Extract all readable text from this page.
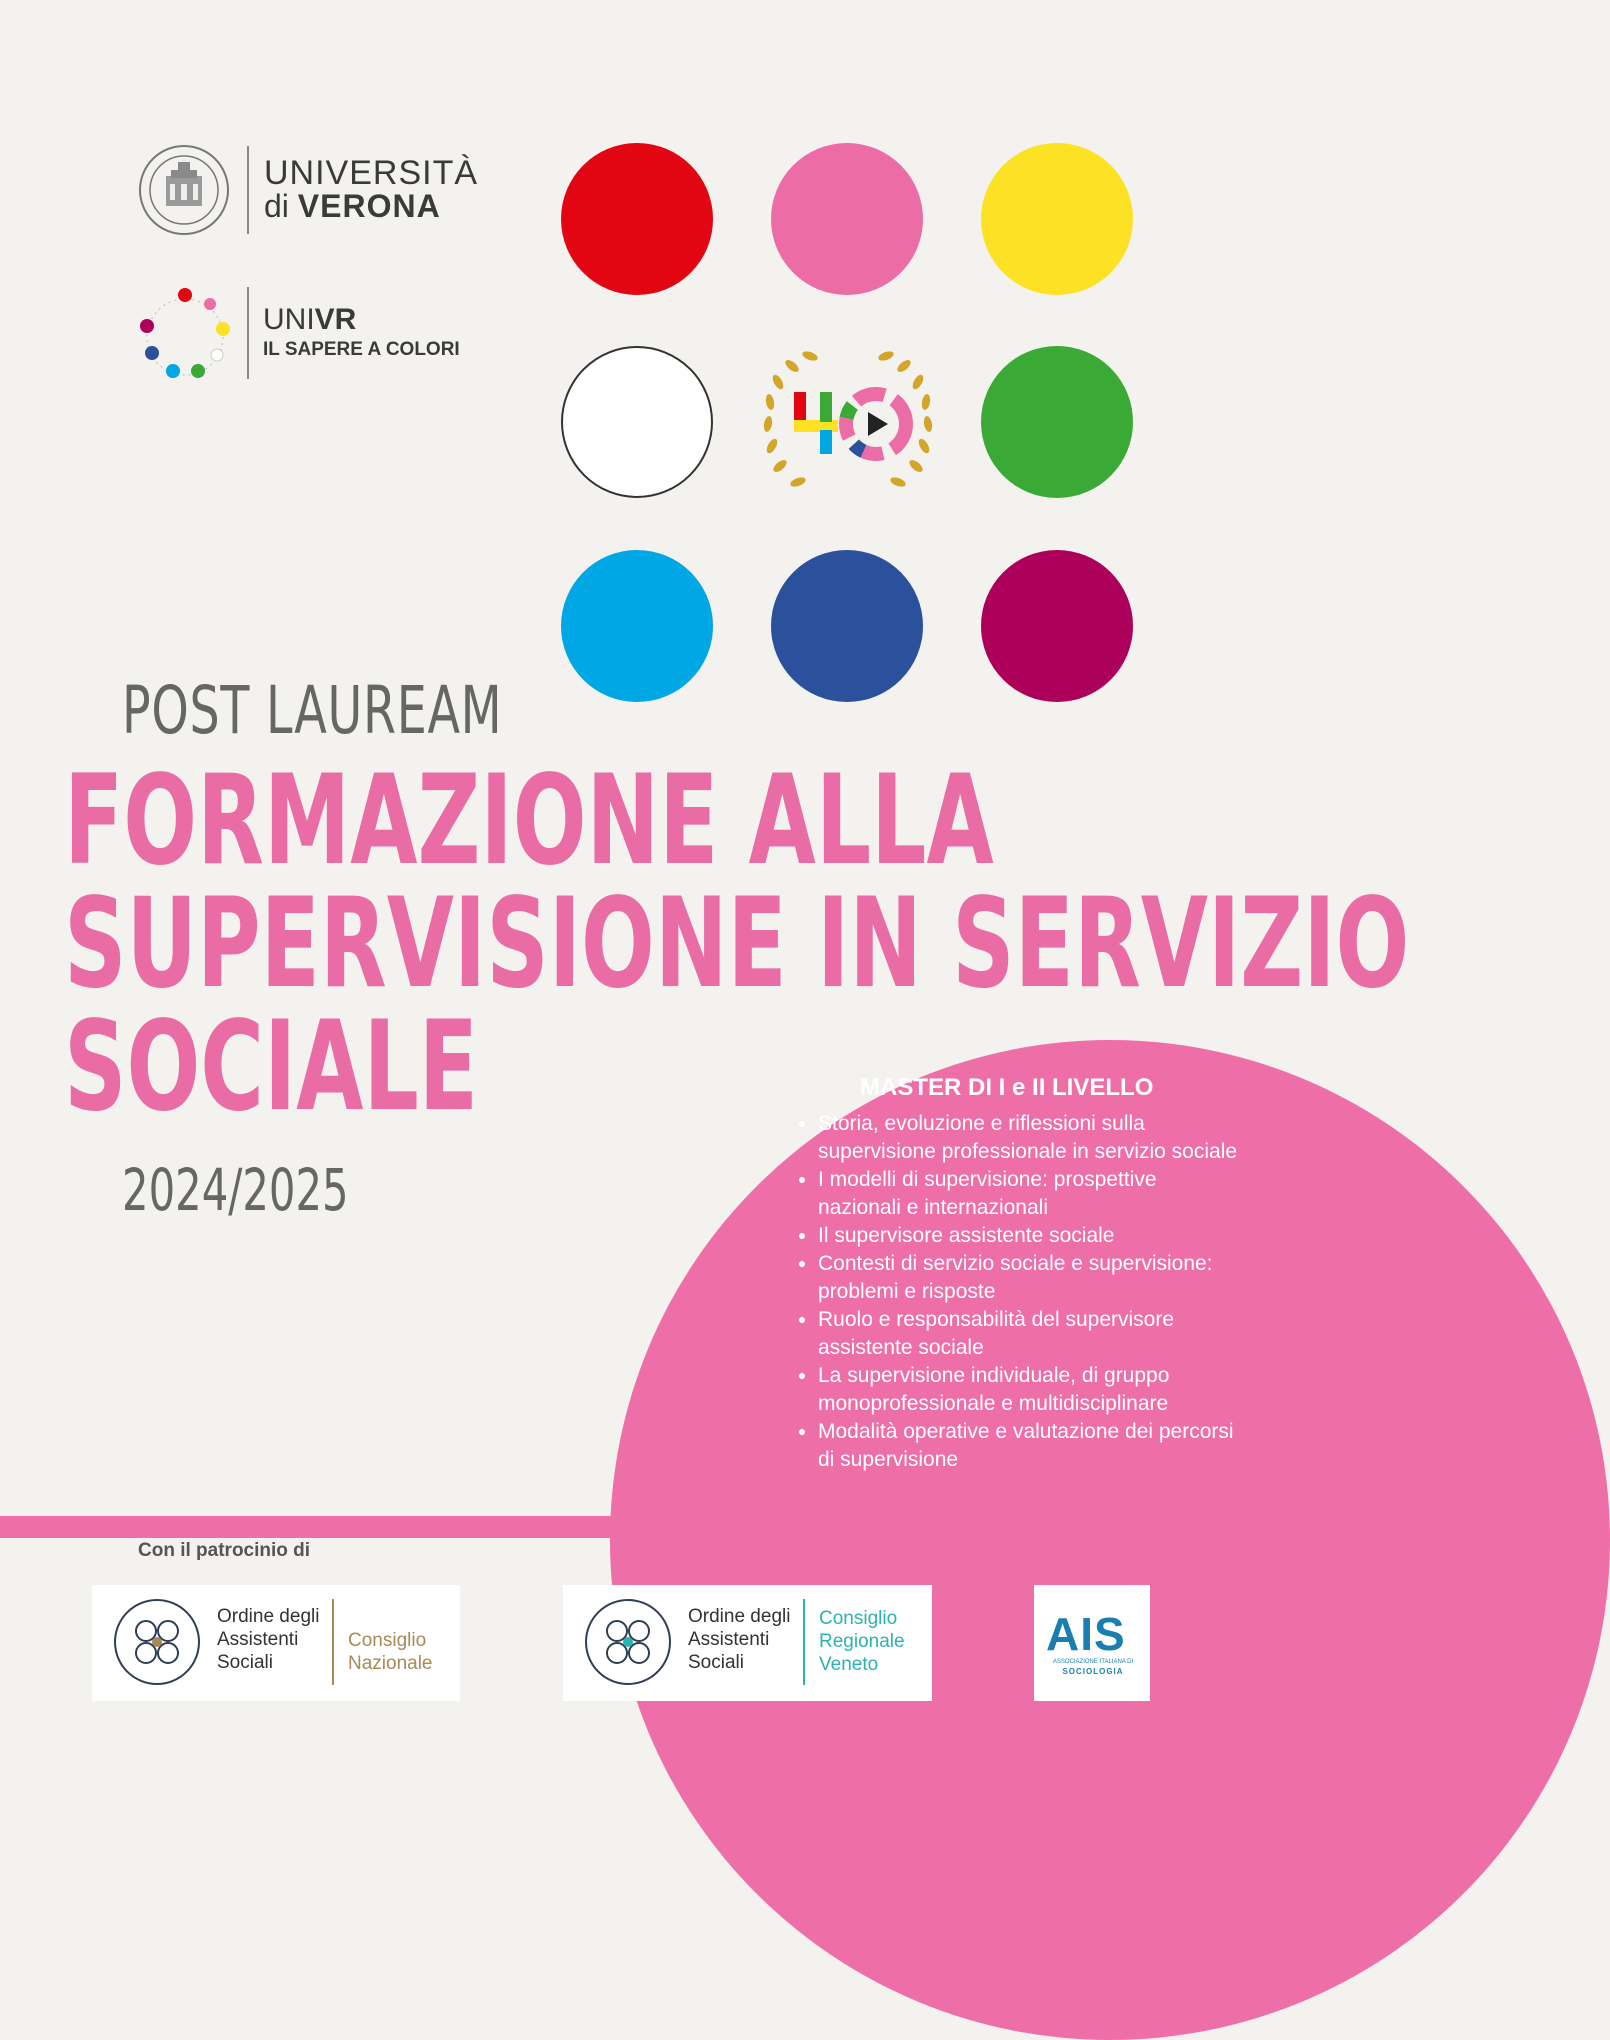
UNIVERSITÀ
di VERONA
UNIVR
IL SAPERE A COLORI
POST LAUREAM
FORMAZIONE ALLA
SUPERVISIONE IN SERVIZIO
SOCIALE
2024/2025
MASTER DI I e II LIVELLO
• Storia, evoluzione e riflessioni sulla supervisione professionale in servizio sociale
• I modelli di supervisione: prospettive nazionali e internazionali
• Il supervisore assistente sociale
• Contesti di servizio sociale e supervisione: problemi e risposte
• Ruolo e responsabilità del supervisore assistente sociale
• La supervisione individuale, di gruppo monoprofessionale e multidisciplinare
• Modalità operative e valutazione dei percorsi di supervisione
Con il patrocinio di
Ordine degli
Assistenti
Sociali
Consiglio
Nazionale
Ordine degli
Assistenti
Sociali
Consiglio
Regionale
Veneto
AIS
ASSOCIAZIONE ITALIANA DI
SOCIOLOGIA
